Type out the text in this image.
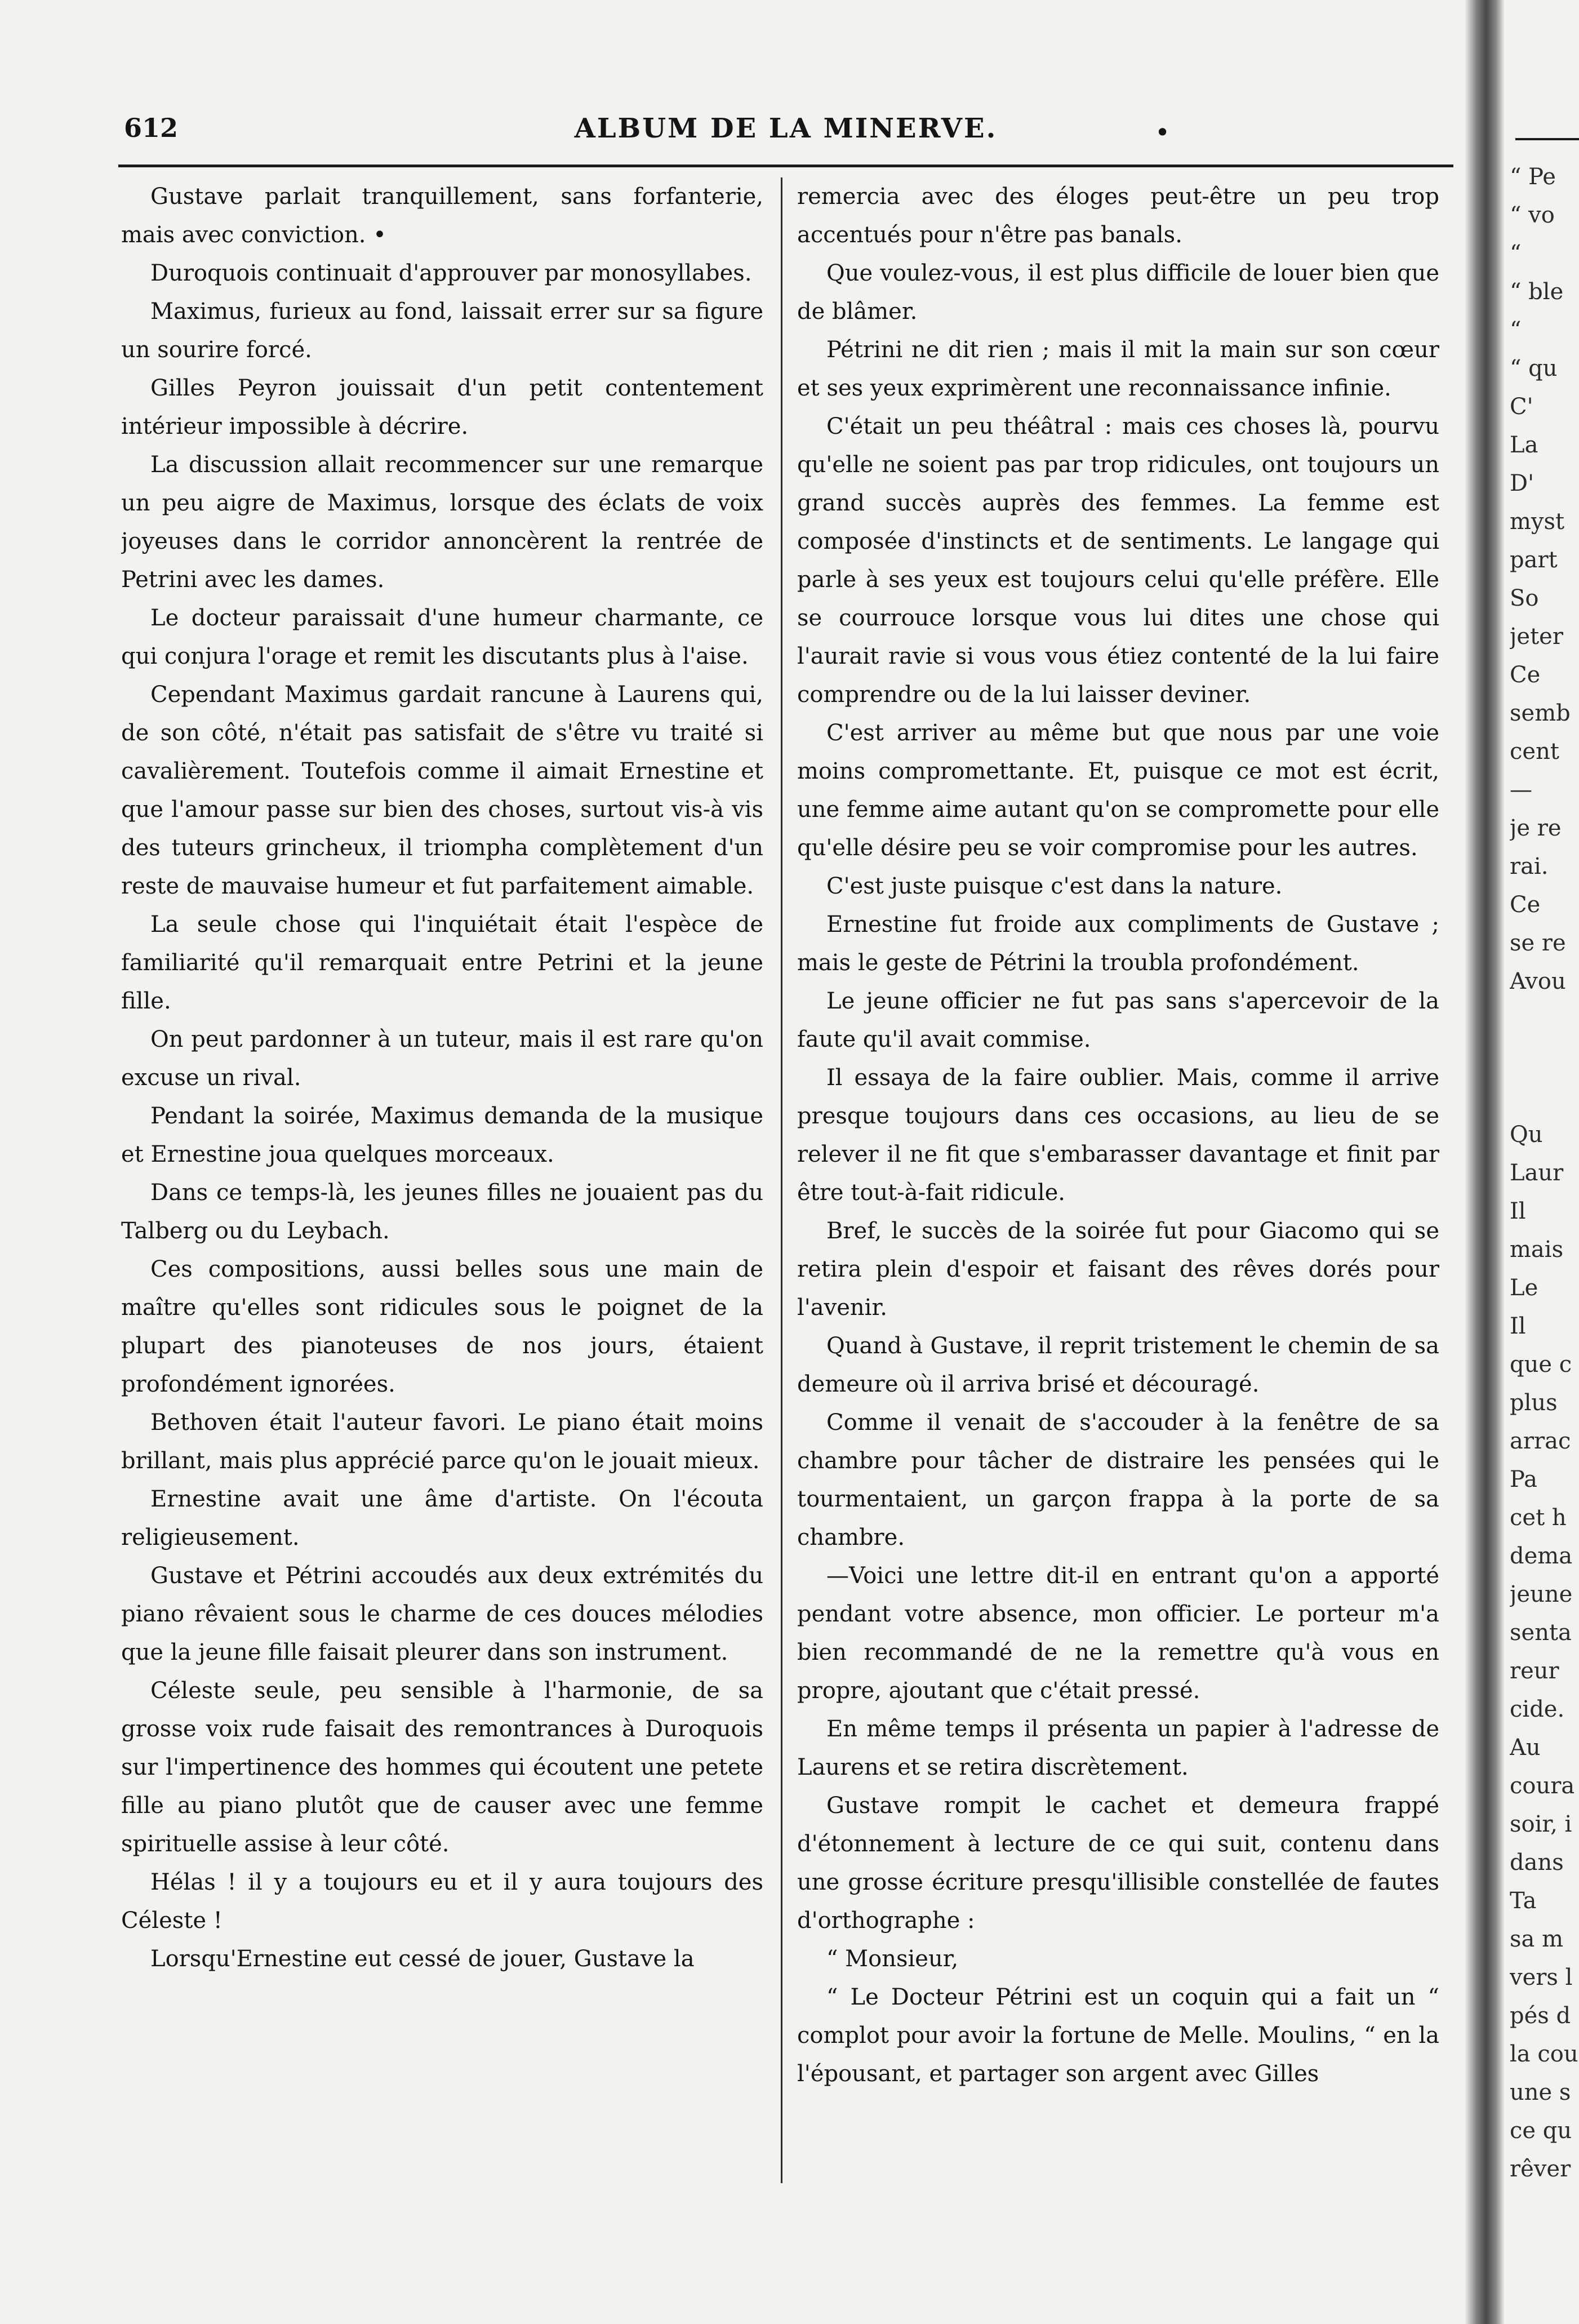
612	ALBUM DE LA MINERVE.	•

Gustave parlait tranquillement, sans forfanterie, mais avec conviction. •

Duroquois continuait d'approuver par monosyllabes.

Maximus, furieux au fond, laissait errer sur sa figure un sourire forcé.

Gilles Peyron jouissait d'un petit contentement intérieur impossible à décrire.

La discussion allait recommencer sur une remarque un peu aigre de Maximus, lorsque des éclats de voix joyeuses dans le corridor annoncèrent la rentrée de Petrini avec les dames.

Le docteur paraissait d'une humeur charmante, ce qui conjura l'orage et remit les discutants plus à l'aise.

Cependant Maximus gardait rancune à Laurens qui, de son côté, n'était pas satisfait de s'être vu traité si cavalièrement. Toutefois comme il aimait Ernestine et que l'amour passe sur bien des choses, surtout vis-à vis des tuteurs grincheux, il triompha complètement d'un reste de mauvaise humeur et fut parfaitement aimable.

La seule chose qui l'inquiétait était l'espèce de familiarité qu'il remarquait entre Petrini et la jeune fille.

On peut pardonner à un tuteur, mais il est rare qu'on excuse un rival.

Pendant la soirée, Maximus demanda de la musique et Ernestine joua quelques morceaux.

Dans ce temps-là, les jeunes filles ne jouaient pas du Talberg ou du Leybach.

Ces compositions, aussi belles sous une main de maître qu'elles sont ridicules sous le poignet de la plupart des pianoteuses de nos jours, étaient profondément ignorées.

Bethoven était l'auteur favori. Le piano était moins brillant, mais plus apprécié parce qu'on le jouait mieux.

Ernestine avait une âme d'artiste. On l'écouta religieusement.

Gustave et Pétrini accoudés aux deux extrémités du piano rêvaient sous le charme de ces douces mélodies que la jeune fille faisait pleurer dans son instrument.

Céleste seule, peu sensible à l'harmonie, de sa grosse voix rude faisait des remontrances à Duroquois sur l'impertinence des hommes qui écoutent une petete fille au piano plutôt que de causer avec une femme spirituelle assise à leur côté.

Hélas ! il y a toujours eu et il y aura toujours des Céleste !

Lorsqu'Ernestine eut cessé de jouer, Gustave la

remercia avec des éloges peut-être un peu trop accentués pour n'être pas banals.

Que voulez-vous, il est plus difficile de louer bien que de blâmer.

Pétrini ne dit rien ; mais il mit la main sur son cœur et ses yeux exprimèrent une reconnaissance infinie.

C'était un peu théâtral : mais ces choses là, pourvu qu'elle ne soient pas par trop ridicules, ont toujours un grand succès auprès des femmes. La femme est composée d'instincts et de sentiments. Le langage qui parle à ses yeux est toujours celui qu'elle préfère. Elle se courrouce lorsque vous lui dites une chose qui l'aurait ravie si vous vous étiez contenté de la lui faire comprendre ou de la lui laisser deviner.

C'est arriver au même but que nous par une voie moins compromettante. Et, puisque ce mot est écrit, une femme aime autant qu'on se compromette pour elle qu'elle désire peu se voir compromise pour les autres.

C'est juste puisque c'est dans la nature.

Ernestine fut froide aux compliments de Gustave ; mais le geste de Pétrini la troubla profondément.

Le jeune officier ne fut pas sans s'apercevoir de la faute qu'il avait commise.

Il essaya de la faire oublier. Mais, comme il arrive presque toujours dans ces occasions, au lieu de se relever il ne fit que s'embarasser davantage et finit par être tout-à-fait ridicule.

Bref, le succès de la soirée fut pour Giacomo qui se retira plein d'espoir et faisant des rêves dorés pour l'avenir.

Quand à Gustave, il reprit tristement le chemin de sa demeure où il arriva brisé et découragé.

Comme il venait de s'accouder à la fenêtre de sa chambre pour tâcher de distraire les pensées qui le tourmentaient, un garçon frappa à la porte de sa chambre.

—Voici une lettre dit-il en entrant qu'on a apporté pendant votre absence, mon officier. Le porteur m'a bien recommandé de ne la remettre qu'à vous en propre, ajoutant que c'était pressé.

En même temps il présenta un papier à l'adresse de Laurens et se retira discrètement.

Gustave rompit le cachet et demeura frappé d'étonnement à lecture de ce qui suit, contenu dans une grosse écriture presqu'illisible constellée de fautes d'orthographe :

“ Monsieur,

“ Le Docteur Pétrini est un coquin qui a fait un “ complot pour avoir la fortune de Melle. Moulins, “ en la l'épousant, et partager son argent avec Gilles

“ Pe
“ vo
“
“ ble
“
“ qu
C'
La
D'
myst
part
So
jeter
Ce
semb
cent
—
je re
rai.
Ce
se re
Avou
Qu
Laur
Il
mais
Le
Il
que c
plus
arrac
Pa
cet h
dema
jeune
senta
reur
cide.
Au
coura
soir, i
dans
Ta
sa m
vers l
pés d
la cou
une s
ce qu
rêver
